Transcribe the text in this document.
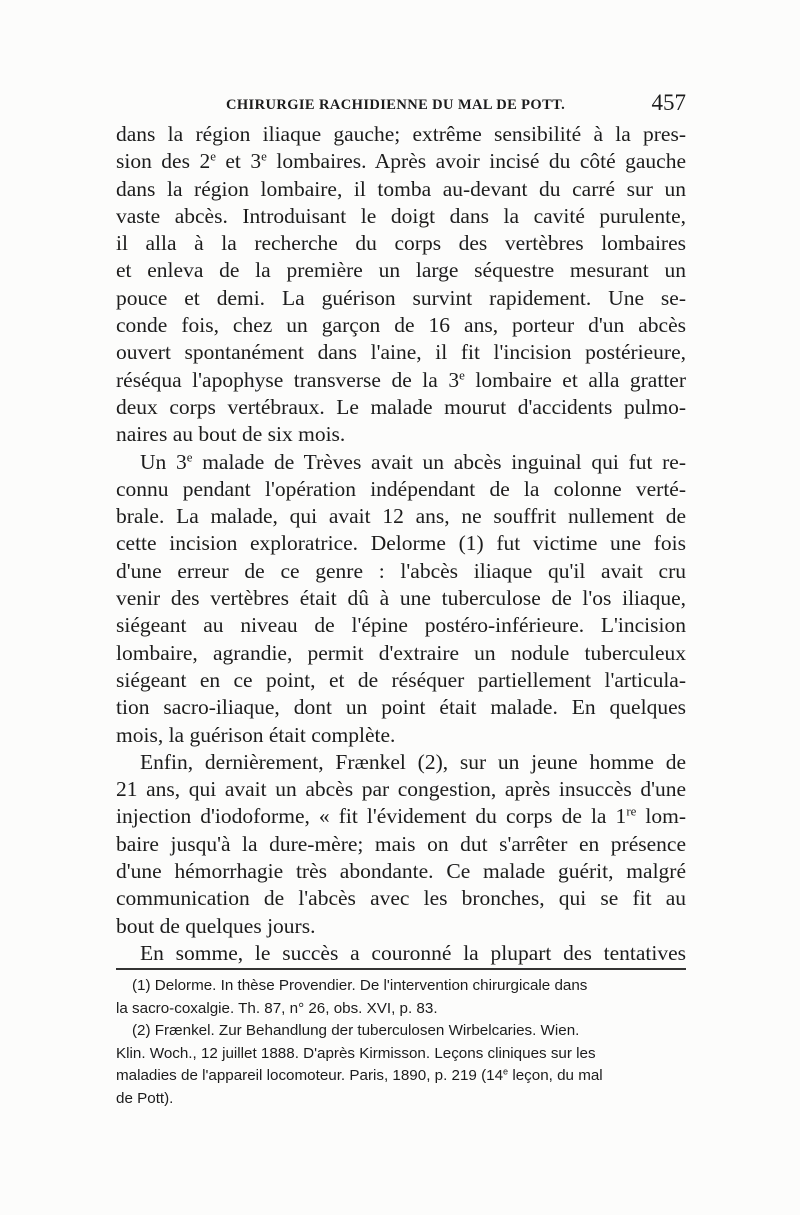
CHIRURGIE RACHIDIENNE DU MAL DE POTT.	457

dans la région iliaque gauche; extrême sensibilité à la pres-

sion des 2e et 3e lombaires. Après avoir incisé du côté gauche

dans la région lombaire, il tomba au-devant du carré sur un

vaste abcès. Introduisant le doigt dans la cavité purulente,

il alla à la recherche du corps des vertèbres lombaires

et enleva de la première un large séquestre mesurant un

pouce et demi. La guérison survint rapidement. Une se-

conde fois, chez un garçon de 16 ans, porteur d'un abcès

ouvert spontanément dans l'aine, il fit l'incision postérieure,

réséqua l'apophyse transverse de la 3e lombaire et alla gratter

deux corps vertébraux. Le malade mourut d'accidents pulmo-

naires au bout de six mois.

Un 3e malade de Trèves avait un abcès inguinal qui fut re-

connu pendant l'opération indépendant de la colonne verté-

brale. La malade, qui avait 12 ans, ne souffrit nullement de

cette incision exploratrice. Delorme (1) fut victime une fois

d'une erreur de ce genre : l'abcès iliaque qu'il avait cru

venir des vertèbres était dû à une tuberculose de l'os iliaque,

siégeant au niveau de l'épine postéro-inférieure. L'incision

lombaire, agrandie, permit d'extraire un nodule tuberculeux

siégeant en ce point, et de réséquer partiellement l'articula-

tion sacro-iliaque, dont un point était malade. En quelques

mois, la guérison était complète.

Enfin, dernièrement, Frænkel (2), sur un jeune homme de

21 ans, qui avait un abcès par congestion, après insuccès d'une

injection d'iodoforme, « fit l'évidement du corps de la 1re lom-

baire jusqu'à la dure-mère; mais on dut s'arrêter en présence

d'une hémorrhagie très abondante. Ce malade guérit, malgré

communication de l'abcès avec les bronches, qui se fit au

bout de quelques jours.

En somme, le succès a couronné la plupart des tentatives

(1) Delorme. In thèse Provendier. De l'intervention chirurgicale dans

la sacro-coxalgie. Th. 87, n° 26, obs. XVI, p. 83.

(2) Frænkel. Zur Behandlung der tuberculosen Wirbelcaries. Wien.

Klin. Woch., 12 juillet 1888. D'après Kirmisson. Leçons cliniques sur les

maladies de l'appareil locomoteur. Paris, 1890, p. 219 (14e leçon, du mal

de Pott).
